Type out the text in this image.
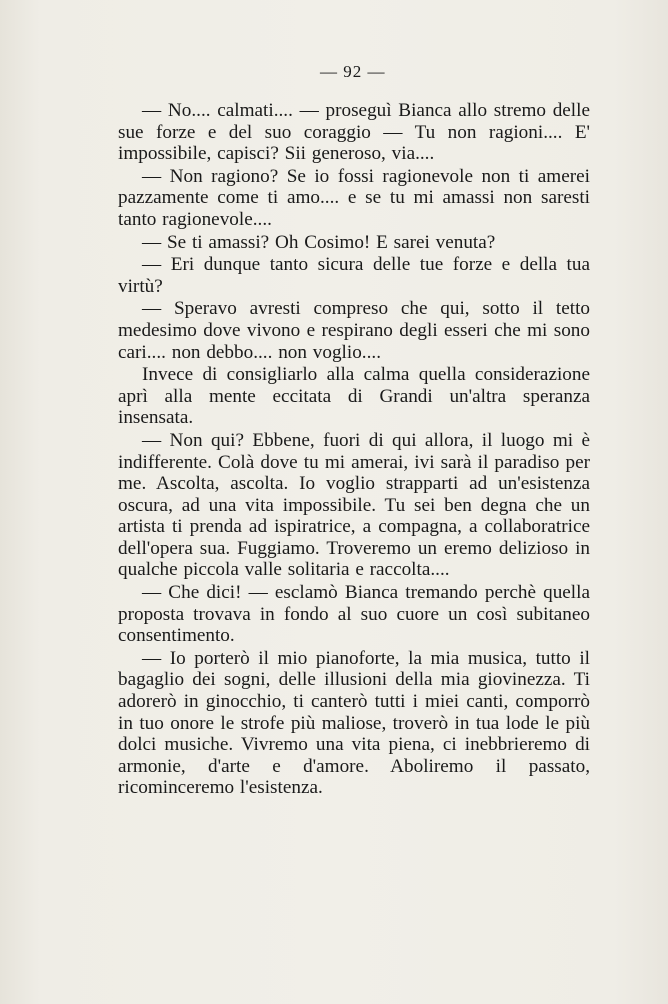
— 92 —

— No.... calmati.... — proseguì Bianca allo stremo delle sue forze e del suo coraggio — Tu non ragioni.... E' impossibile, capisci? Sii generoso, via....

— Non ragiono? Se io fossi ragionevole non ti amerei pazzamente come ti amo.... e se tu mi amassi non saresti tanto ragionevole....

— Se ti amassi? Oh Cosimo! E sarei venuta?

— Eri dunque tanto sicura delle tue forze e della tua virtù?

— Speravo avresti compreso che qui, sotto il tetto medesimo dove vivono e respirano degli esseri che mi sono cari.... non debbo.... non voglio....

Invece di consigliarlo alla calma quella considerazione aprì alla mente eccitata di Grandi un'altra speranza insensata.

— Non qui? Ebbene, fuori di qui allora, il luogo mi è indifferente. Colà dove tu mi amerai, ivi sarà il paradiso per me. Ascolta, ascolta. Io voglio strapparti ad un'esistenza oscura, ad una vita impossibile. Tu sei ben degna che un artista ti prenda ad ispiratrice, a compagna, a collaboratrice dell'opera sua. Fuggiamo. Troveremo un eremo delizioso in qualche piccola valle solitaria e raccolta....

— Che dici! — esclamò Bianca tremando perchè quella proposta trovava in fondo al suo cuore un così subitaneo consentimento.

— Io porterò il mio pianoforte, la mia musica, tutto il bagaglio dei sogni, delle illusioni della mia giovinezza. Ti adorerò in ginocchio, ti canterò tutti i miei canti, comporrò in tuo onore le strofe più maliose, troverò in tua lode le più dolci musiche. Vivremo una vita piena, ci inebbrieremo di armonie, d'arte e d'amore. Aboliremo il passato, ricominceremo l'esistenza.
